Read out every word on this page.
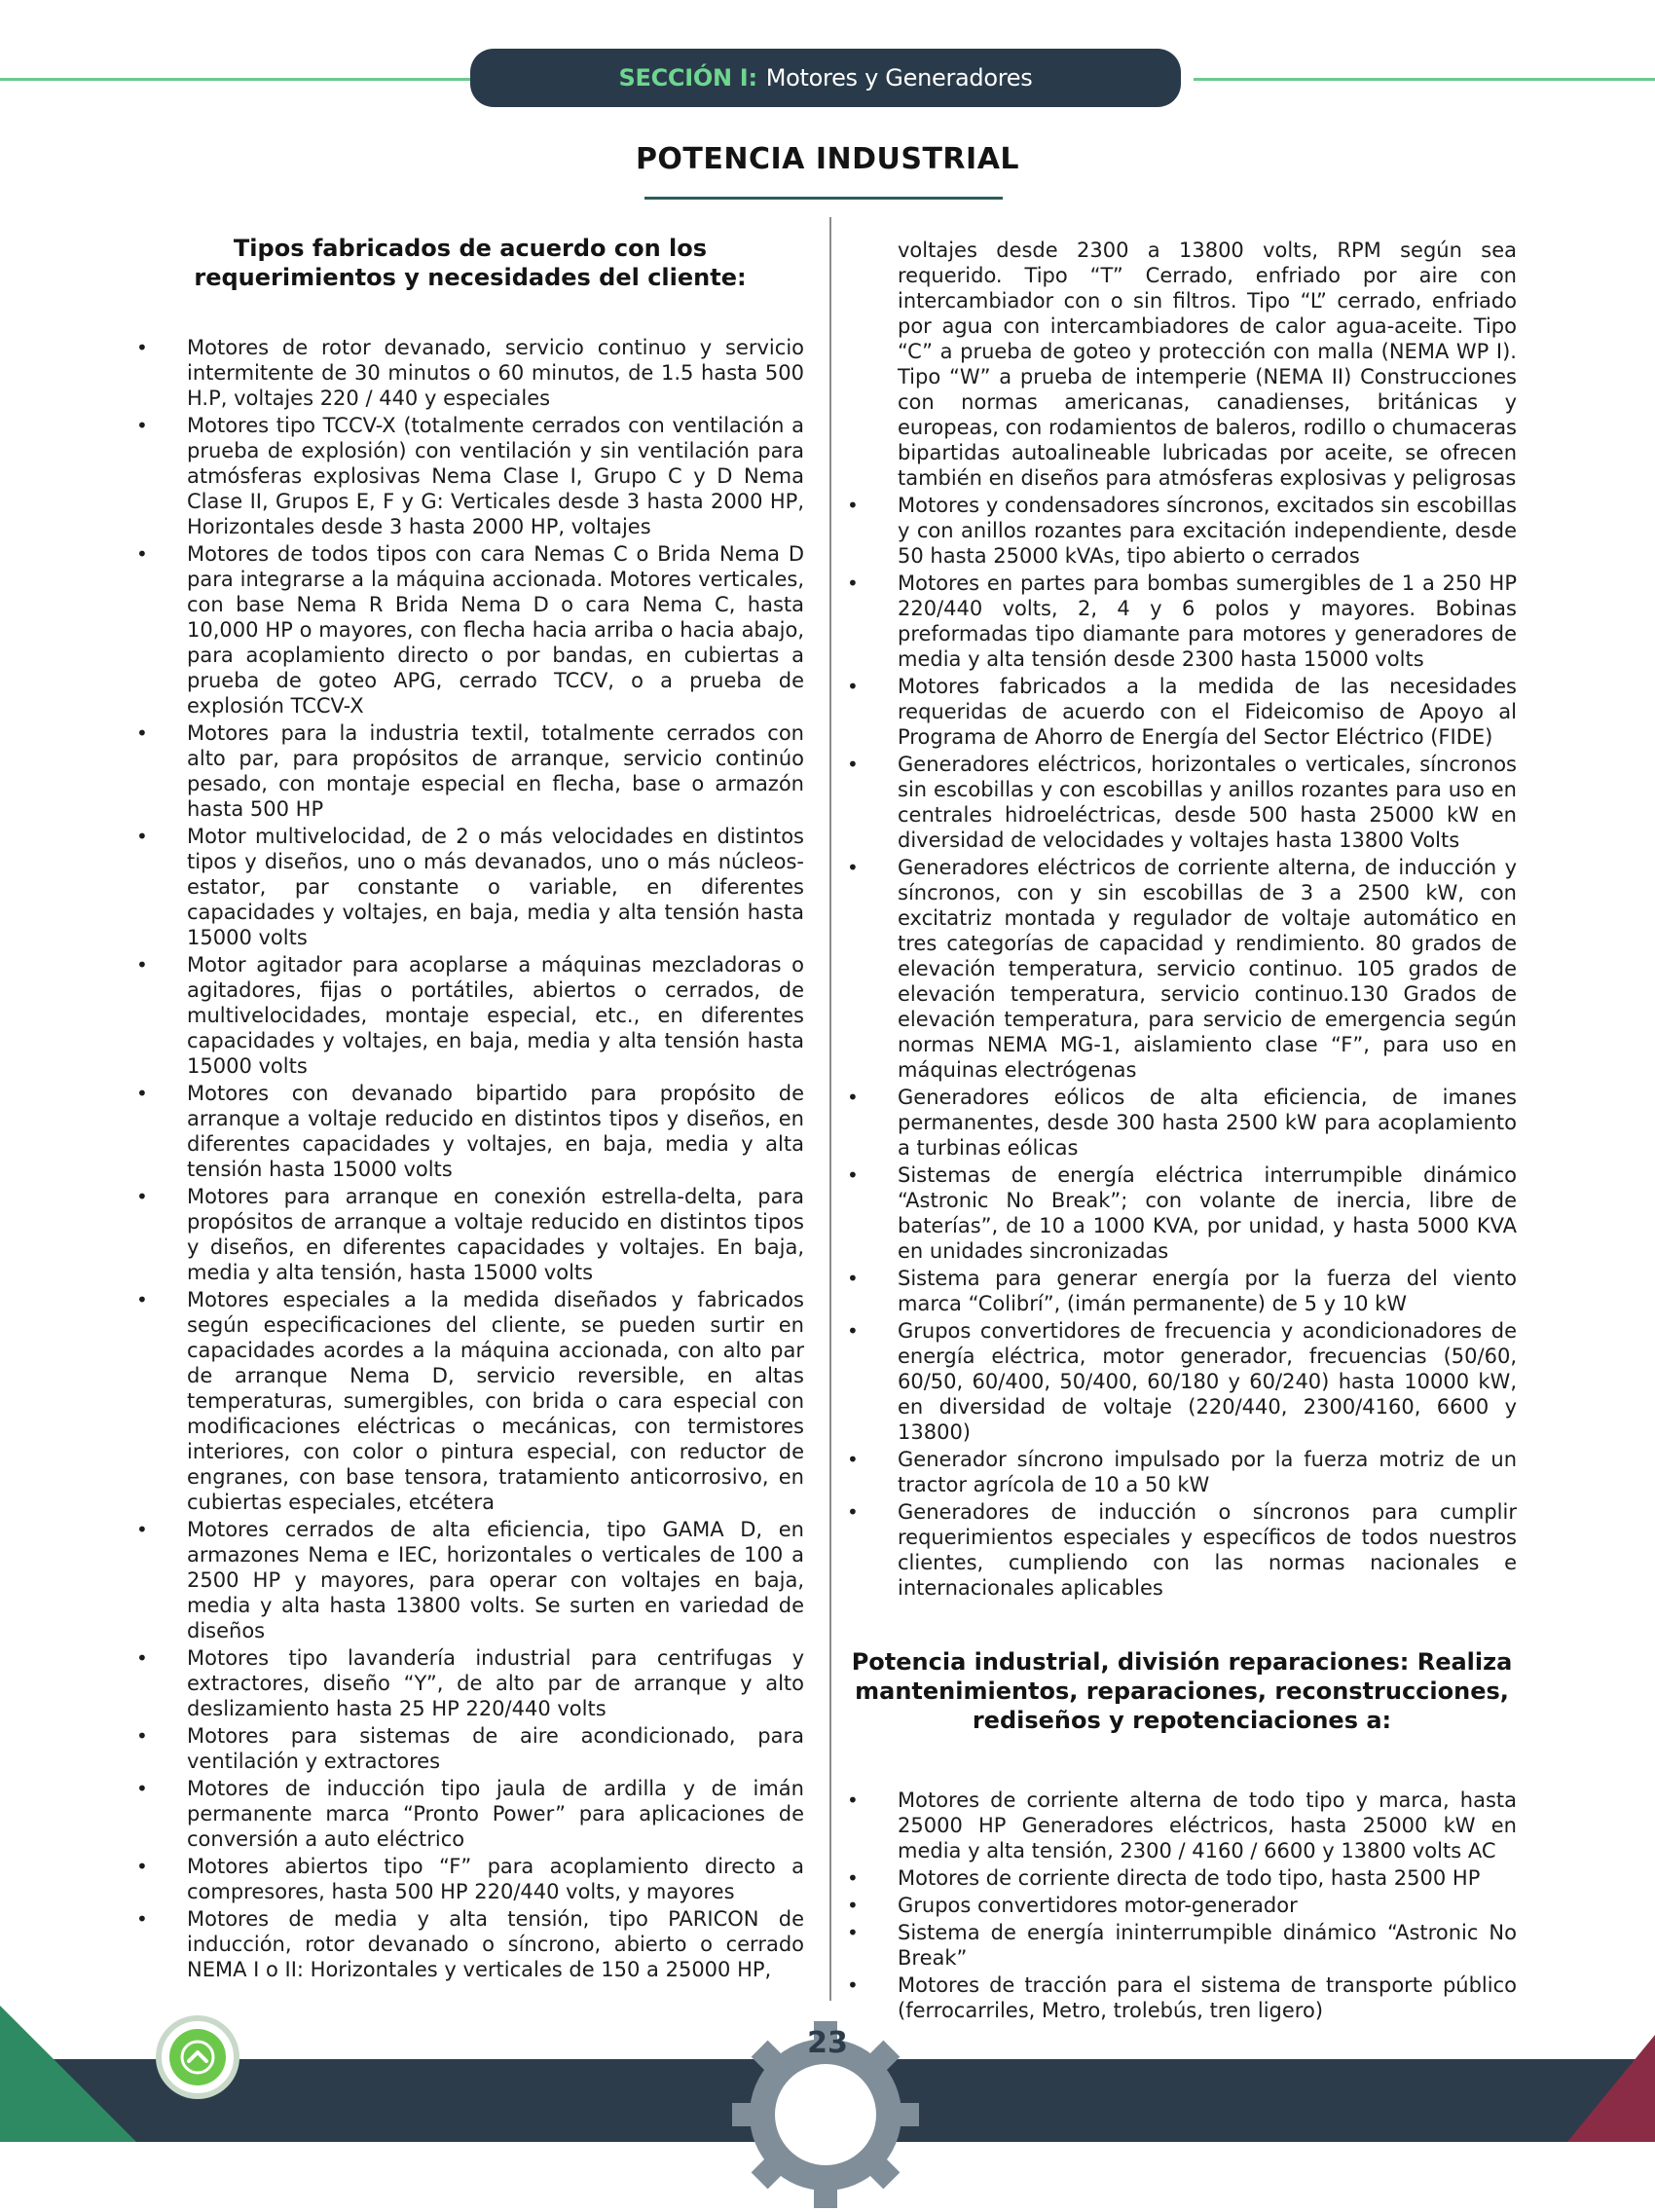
SECCIÓN I: Motores y Generadores
POTENCIA INDUSTRIAL
Tipos fabricados de acuerdo con los requerimientos y necesidades del cliente:
• Motores de rotor devanado, servicio continuo y servicio intermitente de 30 minutos o 60 minutos, de 1.5 hasta 500 H.P, voltajes 220 / 440 y especiales
• Motores tipo TCCV-X (totalmente cerrados con ventilación a prueba de explosión) con ventilación y sin ventilación para atmósferas explosivas Nema Clase I, Grupo C y D Nema Clase II, Grupos E, F y G: Verticales desde 3 hasta 2000 HP, Horizontales desde 3 hasta 2000 HP, voltajes
• Motores de todos tipos con cara Nemas C o Brida Nema D para integrarse a la máquina accionada. Motores verticales, con base Nema R Brida Nema D o cara Nema C, hasta 10,000 HP o mayores, con flecha hacia arriba o hacia abajo, para acoplamiento directo o por bandas, en cubiertas a prueba de goteo APG, cerrado TCCV, o a prueba de explosión TCCV-X
• Motores para la industria textil, totalmente cerrados con alto par, para propósitos de arranque, servicio continúo pesado, con montaje especial en flecha, base o armazón hasta 500 HP
• Motor multivelocidad, de 2 o más velocidades en distintos tipos y diseños, uno o más devanados, uno o más núcleos-estator, par constante o variable, en diferentes capacidades y voltajes, en baja, media y alta tensión hasta 15000 volts
• Motor agitador para acoplarse a máquinas mezcladoras o agitadores, fijas o portátiles, abiertos o cerrados, de multivelocidades, montaje especial, etc., en diferentes capacidades y voltajes, en baja, media y alta tensión hasta 15000 volts
• Motores con devanado bipartido para propósito de arranque a voltaje reducido en distintos tipos y diseños, en diferentes capacidades y voltajes, en baja, media y alta tensión hasta 15000 volts
• Motores para arranque en conexión estrella-delta, para propósitos de arranque a voltaje reducido en distintos tipos y diseños, en diferentes capacidades y voltajes. En baja, media y alta tensión, hasta 15000 volts
• Motores especiales a la medida diseñados y fabricados según especificaciones del cliente, se pueden surtir en capacidades acordes a la máquina accionada, con alto par de arranque Nema D, servicio reversible, en altas temperaturas, sumergibles, con brida o cara especial con modificaciones eléctricas o mecánicas, con termistores interiores, con color o pintura especial, con reductor de engranes, con base tensora, tratamiento anticorrosivo, en cubiertas especiales, etcétera
• Motores cerrados de alta eficiencia, tipo GAMA D, en armazones Nema e IEC, horizontales o verticales de 100 a 2500 HP y mayores, para operar con voltajes en baja, media y alta hasta 13800 volts. Se surten en variedad de diseños
• Motores tipo lavandería industrial para centrifugas y extractores, diseño “Y”, de alto par de arranque y alto deslizamiento hasta 25 HP 220/440 volts
• Motores para sistemas de aire acondicionado, para ventilación y extractores
• Motores de inducción tipo jaula de ardilla y de imán permanente marca “Pronto Power” para aplicaciones de conversión a auto eléctrico
• Motores abiertos tipo “F” para acoplamiento directo a compresores, hasta 500 HP 220/440 volts, y mayores
• Motores de media y alta tensión, tipo PARICON de inducción, rotor devanado o síncrono, abierto o cerrado NEMA I o II: Horizontales y verticales de 150 a 25000 HP,
voltajes desde 2300 a 13800 volts, RPM según sea requerido. Tipo “T” Cerrado, enfriado por aire con intercambiador con o sin filtros. Tipo “L” cerrado, enfriado por agua con intercambiadores de calor agua-aceite. Tipo “C” a prueba de goteo y protección con malla (NEMA WP I). Tipo “W” a prueba de intemperie (NEMA II) Construcciones con normas americanas, canadienses, británicas y europeas, con rodamientos de baleros, rodillo o chumaceras bipartidas autoalineable lubricadas por aceite, se ofrecen también en diseños para atmósferas explosivas y peligrosas
• Motores y condensadores síncronos, excitados sin escobillas y con anillos rozantes para excitación independiente, desde 50 hasta 25000 kVAs, tipo abierto o cerrados
• Motores en partes para bombas sumergibles de 1 a 250 HP 220/440 volts, 2, 4 y 6 polos y mayores. Bobinas preformadas tipo diamante para motores y generadores de media y alta tensión desde 2300 hasta 15000 volts
• Motores fabricados a la medida de las necesidades requeridas de acuerdo con el Fideicomiso de Apoyo al Programa de Ahorro de Energía del Sector Eléctrico (FIDE)
• Generadores eléctricos, horizontales o verticales, síncronos sin escobillas y con escobillas y anillos rozantes para uso en centrales hidroeléctricas, desde 500 hasta 25000 kW en diversidad de velocidades y voltajes hasta 13800 Volts
• Generadores eléctricos de corriente alterna, de inducción y síncronos, con y sin escobillas de 3 a 2500 kW, con excitatriz montada y regulador de voltaje automático en tres categorías de capacidad y rendimiento. 80 grados de elevación temperatura, servicio continuo. 105 grados de elevación temperatura, servicio continuo.130 Grados de elevación temperatura, para servicio de emergencia según normas NEMA MG-1, aislamiento clase “F”, para uso en máquinas electrógenas
• Generadores eólicos de alta eficiencia, de imanes permanentes, desde 300 hasta 2500 kW para acoplamiento a turbinas eólicas
• Sistemas de energía eléctrica interrumpible dinámico “Astronic No Break”; con volante de inercia, libre de baterías”, de 10 a 1000 KVA, por unidad, y hasta 5000 KVA en unidades sincronizadas
• Sistema para generar energía por la fuerza del viento marca “Colibrí”, (imán permanente) de 5 y 10 kW
• Grupos convertidores de frecuencia y acondicionadores de energía eléctrica, motor generador, frecuencias (50/60, 60/50, 60/400, 50/400, 60/180 y 60/240) hasta 10000 kW, en diversidad de voltaje (220/440, 2300/4160, 6600 y 13800)
• Generador síncrono impulsado por la fuerza motriz de un tractor agrícola de 10 a 50 kW
• Generadores de inducción o síncronos para cumplir requerimientos especiales y específicos de todos nuestros clientes, cumpliendo con las normas nacionales e internacionales aplicables
Potencia industrial, división reparaciones: Realiza mantenimientos, reparaciones, reconstrucciones, rediseños y repotenciaciones a:
• Motores de corriente alterna de todo tipo y marca, hasta 25000 HP Generadores eléctricos, hasta 25000 kW en media y alta tensión, 2300 / 4160 / 6600 y 13800 volts AC
• Motores de corriente directa de todo tipo, hasta 2500 HP
• Grupos convertidores motor-generador
• Sistema de energía ininterrumpible dinámico “Astronic No Break”
• Motores de tracción para el sistema de transporte público (ferrocarriles, Metro, trolebús, tren ligero)
23
